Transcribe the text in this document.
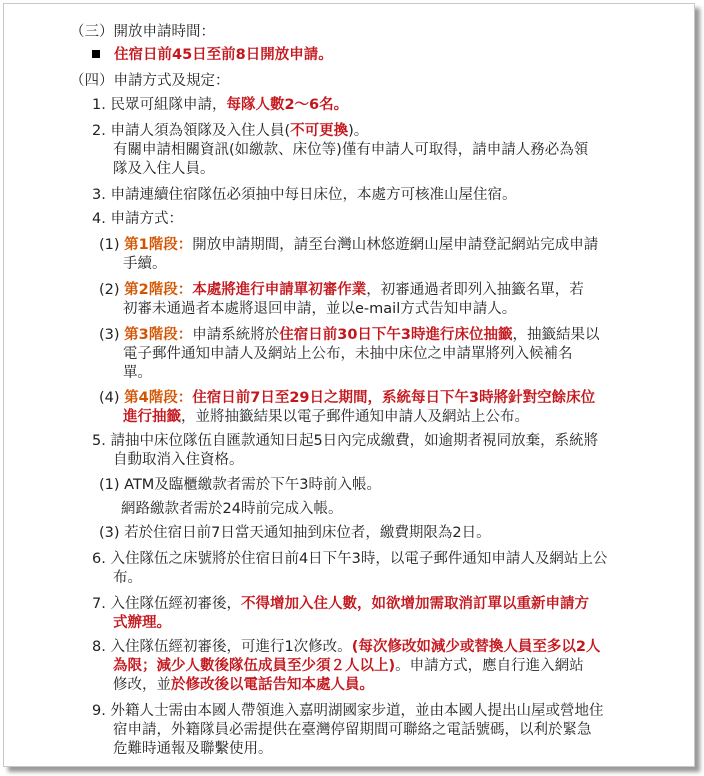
（三）開放申請時間：
住宿日前45日至前8日開放申請。
（四）申請方式及規定：
1. 民眾可組隊申請，每隊人數2～6名。
2. 申請人須為領隊及入住人員(不可更換)。
有關申請相關資訊(如繳款、床位等)僅有申請人可取得，請申請人務必為領
隊及入住人員。
3. 申請連續住宿隊伍必須抽中每日床位，本處方可核准山屋住宿。
4. 申請方式：
(1) 第1階段：開放申請期間，請至台灣山林悠遊網山屋申請登記網站完成申請
手續。
(2) 第2階段：本處將進行申請單初審作業，初審通過者即列入抽籤名單，若
初審未通過者本處將退回申請，並以e-mail方式告知申請人。
(3) 第3階段：申請系統將於住宿日前30日下午3時進行床位抽籤，抽籤結果以
電子郵件通知申請人及網站上公布，未抽中床位之申請單將列入候補名
單。
(4) 第4階段：住宿日前7日至29日之期間，系統每日下午3時將針對空餘床位
進行抽籤，並將抽籤結果以電子郵件通知申請人及網站上公布。
5. 請抽中床位隊伍自匯款通知日起5日內完成繳費，如逾期者視同放棄，系統將
自動取消入住資格。
(1) ATM及臨櫃繳款者需於下午3時前入帳。
網路繳款者需於24時前完成入帳。
(3) 若於住宿日前7日當天通知抽到床位者，繳費期限為2日。
6. 入住隊伍之床號將於住宿日前4日下午3時，以電子郵件通知申請人及網站上公
布。
7. 入住隊伍經初審後，不得增加入住人數，如欲增加需取消訂單以重新申請方
式辦理。
8. 入住隊伍經初審後，可進行1次修改。(每次修改如減少或替換人員至多以2人
為限；減少人數後隊伍成員至少須２人以上)。申請方式，應自行進入網站
修改，並於修改後以電話告知本處人員。
9. 外籍人士需由本國人帶領進入嘉明湖國家步道，並由本國人提出山屋或營地住
宿申請，外籍隊員必需提供在臺灣停留期間可聯絡之電話號碼，以利於緊急
危難時通報及聯繫使用。
